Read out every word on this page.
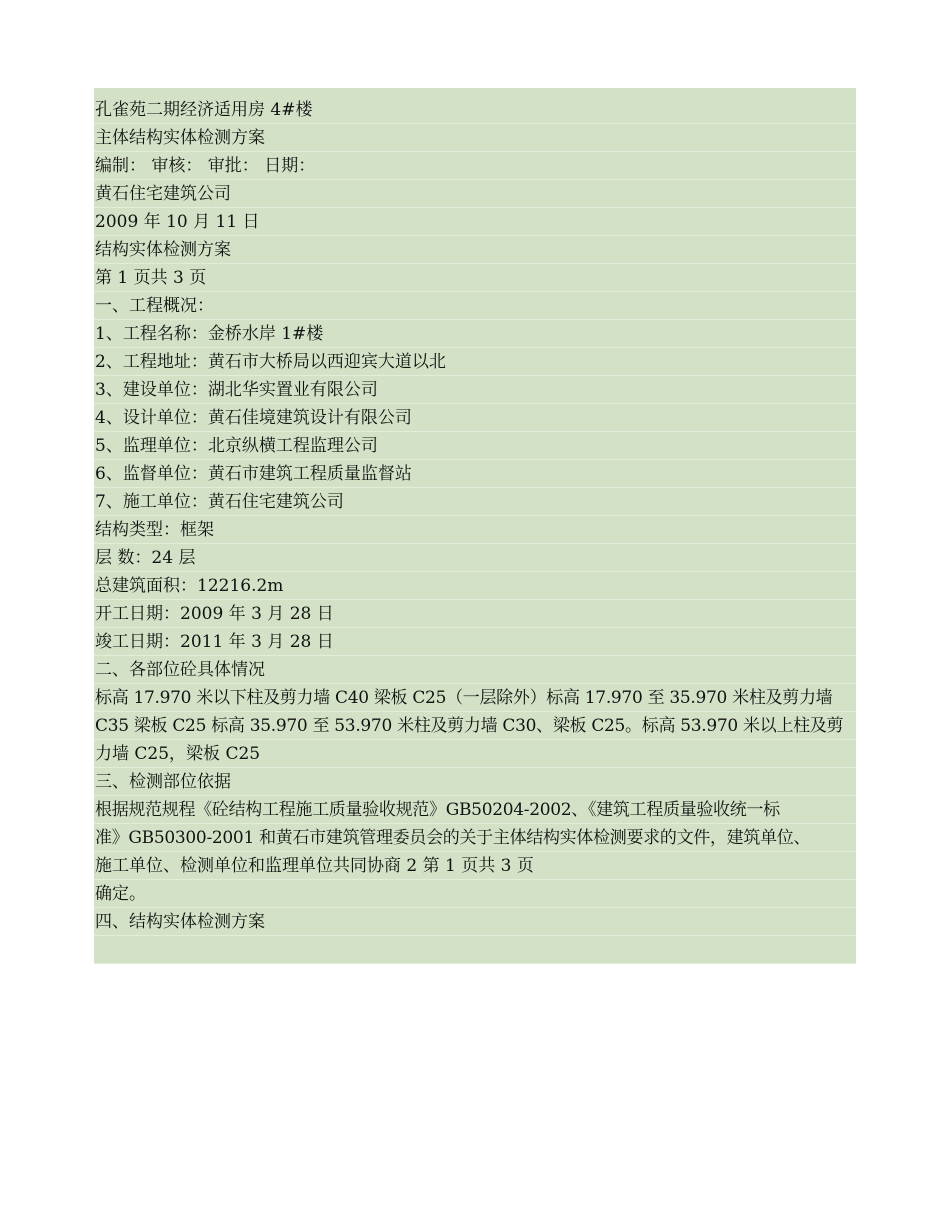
孔雀苑二期经济适用房 4#楼
主体结构实体检测方案
编制： 审核： 审批： 日期：
黄石住宅建筑公司
2009 年 10 月 11 日
结构实体检测方案
第 1 页共 3 页
一、工程概况：
1、工程名称：金桥水岸 1#楼
2、工程地址：黄石市大桥局以西迎宾大道以北
3、建设单位：湖北华实置业有限公司
4、设计单位：黄石佳境建筑设计有限公司
5、监理单位：北京纵横工程监理公司
6、监督单位：黄石市建筑工程质量监督站
7、施工单位：黄石住宅建筑公司
结构类型：框架
层 数：24 层
总建筑面积：12216.2m
开工日期：2009 年 3 月 28 日
竣工日期：2011 年 3 月 28 日
二、各部位砼具体情况
标高 17.970 米以下柱及剪力墙 C40 梁板 C25（一层除外）标高 17.970 至 35.970 米柱及剪力墙
C35 梁板 C25 标高 35.970 至 53.970 米柱及剪力墙 C30、梁板 C25。标高 53.970 米以上柱及剪
力墙 C25，梁板 C25
三、检测部位依据
根据规范规程《砼结构工程施工质量验收规范》GB50204-2002、《建筑工程质量验收统一标
准》GB50300-2001 和黄石市建筑管理委员会的关于主体结构实体检测要求的文件，建筑单位、
施工单位、检测单位和监理单位共同协商 2 第 1 页共 3 页
确定。
四、结构实体检测方案
